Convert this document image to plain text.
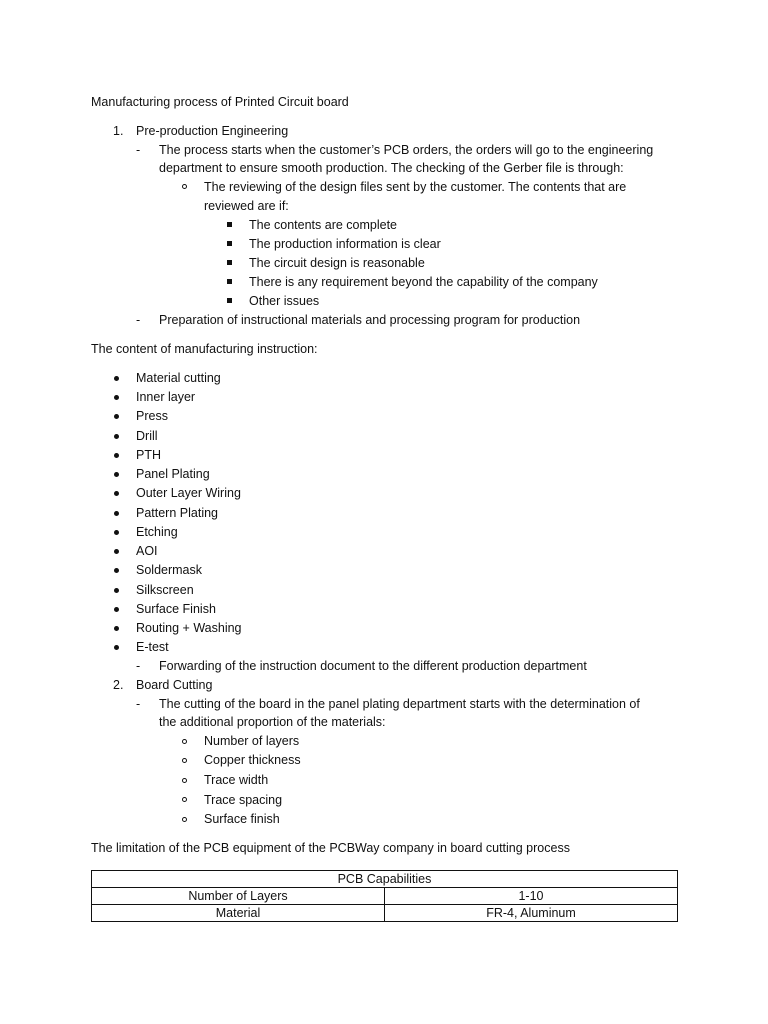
Manufacturing process of Printed Circuit board
1. Pre-production Engineering
- The process starts when the customer’s PCB orders, the orders will go to the engineering
department to ensure smooth production. The checking of the Gerber file is through:
The reviewing of the design files sent by the customer. The contents that are
reviewed are if:
The contents are complete
The production information is clear
The circuit design is reasonable
There is any requirement beyond the capability of the company
Other issues
- Preparation of instructional materials and processing program for production
The content of manufacturing instruction:
Material cutting
Inner layer
Press
Drill
PTH
Panel Plating
Outer Layer Wiring
Pattern Plating
Etching
AOI
Soldermask
Silkscreen
Surface Finish
Routing + Washing
E-test
- Forwarding of the instruction document to the different production department
2. Board Cutting
- The cutting of the board in the panel plating department starts with the determination of
the additional proportion of the materials:
Number of layers
Copper thickness
Trace width
Trace spacing
Surface finish
The limitation of the PCB equipment of the PCBWay company in board cutting process
PCB Capabilities	
Number of Layers	1-10
Material	FR-4, Aluminum
